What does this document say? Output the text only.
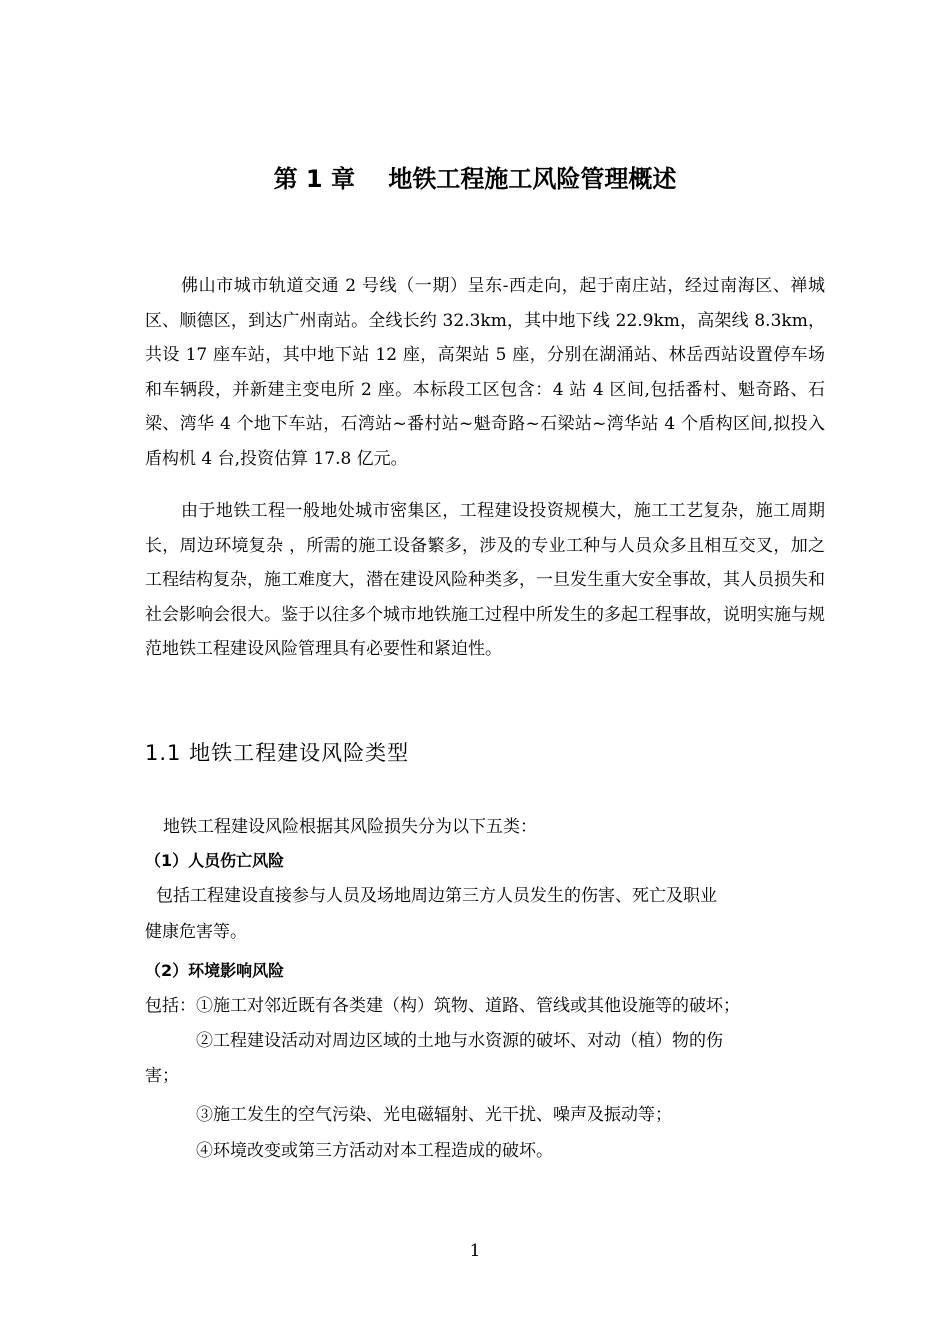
第 1 章    地铁工程施工风险管理概述

佛山市城市轨道交通 2 号线（一期）呈东-西走向，起于南庄站，经过南海区、禅城区、顺德区，到达广州南站。全线长约 32.3km，其中地下线 22.9km，高架线 8.3km，共设 17 座车站，其中地下站 12 座，高架站 5 座，分别在湖涌站、林岳西站设置停车场和车辆段，并新建主变电所 2 座。本标段工区包含：4 站 4 区间,包括番村、魁奇路、石梁、湾华 4 个地下车站，石湾站~番村站~魁奇路~石梁站~湾华站 4 个盾构区间,拟投入盾构机 4 台,投资估算 17.8 亿元。

由于地铁工程一般地处城市密集区，工程建设投资规模大，施工工艺复杂，施工周期长，周边环境复杂 ，所需的施工设备繁多，涉及的专业工种与人员众多且相互交叉，加之工程结构复杂，施工难度大，潜在建设风险种类多，一旦发生重大安全事故，其人员损失和社会影响会很大。鉴于以往多个城市地铁施工过程中所发生的多起工程事故，说明实施与规范地铁工程建设风险管理具有必要性和紧迫性。

1.1 地铁工程建设风险类型
地铁工程建设风险根据其风险损失分为以下五类：
（1）人员伤亡风险
包括工程建设直接参与人员及场地周边第三方人员发生的伤害、死亡及职业
健康危害等。
（2）环境影响风险
包括：①施工对邻近既有各类建（构）筑物、道路、管线或其他设施等的破坏；
②工程建设活动对周边区域的土地与水资源的破坏、对动（植）物的伤
害；
③施工发生的空气污染、光电磁辐射、光干扰、噪声及振动等；
④环境改变或第三方活动对本工程造成的破坏。
1
